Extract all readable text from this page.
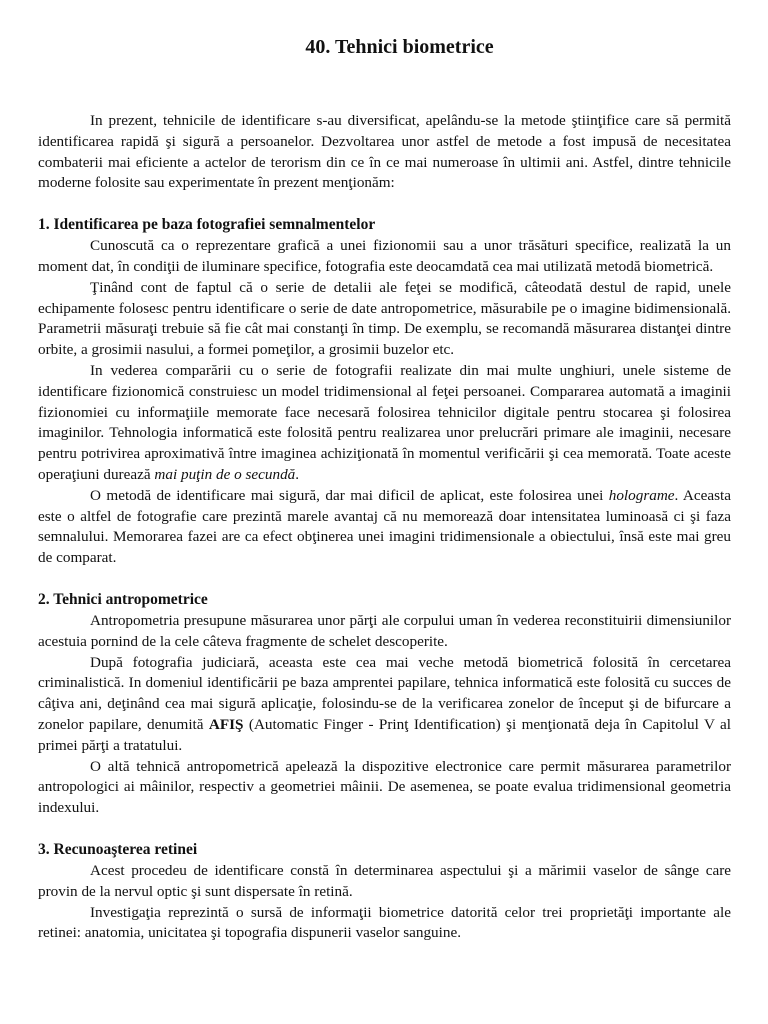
40. Tehnici biometrice

In prezent, tehnicile de identificare s-au diversificat, apelându-se la metode ştiinţifice care să permită identificarea rapidă şi sigură a persoanelor. Dezvoltarea unor astfel de metode a fost impusă de necesitatea combaterii mai eficiente a actelor de terorism din ce în ce mai numeroase în ultimii ani. Astfel, dintre tehnicile moderne folosite sau experimentate în prezent menţionăm:

1. Identificarea pe baza fotografiei semnalmentelor

Cunoscută ca o reprezentare grafică a unei fizionomii sau a unor trăsături specifice, realizată la un moment dat, în condiţii de iluminare specifice, fotografia este deocamdată cea mai utilizată metodă biometrică.

Ţinând cont de faptul că o serie de detalii ale feţei se modifică, câteodată destul de rapid, unele echipamente folosesc pentru identificare o serie de date antropometrice, măsurabile pe o imagine bidimensională. Parametrii măsuraţi trebuie să fie cât mai constanţi în timp. De exemplu, se recomandă măsurarea distanţei dintre orbite, a grosimii nasului, a formei pomeţilor, a grosimii buzelor etc.

In vederea comparării cu o serie de fotografii realizate din mai multe unghiuri, unele sisteme de identificare fizionomică construiesc un model tridimensional al feţei persoanei. Compararea automată a imaginii fizionomiei cu informaţiile memorate face necesară folosirea tehnicilor digitale pentru stocarea şi folosirea imaginilor. Tehnologia informatică este folosită pentru realizarea unor prelucrări primare ale imaginii, necesare pentru potrivirea aproximativă între imaginea achiziţionată în momentul verificării şi cea memorată. Toate aceste operaţiuni durează mai puţin de o secundă.

O metodă de identificare mai sigură, dar mai dificil de aplicat, este folosirea unei holograme. Aceasta este o altfel de fotografie care prezintă marele avantaj că nu memorează doar intensitatea luminoasă ci şi faza semnalului. Memorarea fazei are ca efect obţinerea unei imagini tridimensionale a obiectului, însă este mai greu de comparat.

2. Tehnici antropometrice

Antropometria presupune măsurarea unor părţi ale corpului uman în vederea reconstituirii dimensiunilor acestuia pornind de la cele câteva fragmente de schelet descoperite.

După fotografia judiciară, aceasta este cea mai veche metodă biometrică folosită în cercetarea criminalistică. In domeniul identificării pe baza amprentei papilare, tehnica informatică este folosită cu succes de câţiva ani, deţinând cea mai sigură aplicaţie, folosindu-se de la verificarea zonelor de început şi de bifurcare a zonelor papilare, denumită AFIŞ (Automatic Finger - Prinţ Identification) şi menţionată deja în Capitolul V al primei părţi a tratatului.

O altă tehnică antropometrică apelează la dispozitive electronice care permit măsurarea parametrilor antropologici ai mâinilor, respectiv a geometriei mâinii. De asemenea, se poate evalua tridimensional geometria indexului.

3. Recunoaşterea retinei

Acest procedeu de identificare constă în determinarea aspectului şi a mărimii vaselor de sânge care provin de la nervul optic şi sunt dispersate în retină.

Investigaţia reprezintă o sursă de informaţii biometrice datorită celor trei proprietăţi importante ale retinei: anatomia, unicitatea şi topografia dispunerii vaselor sanguine.
